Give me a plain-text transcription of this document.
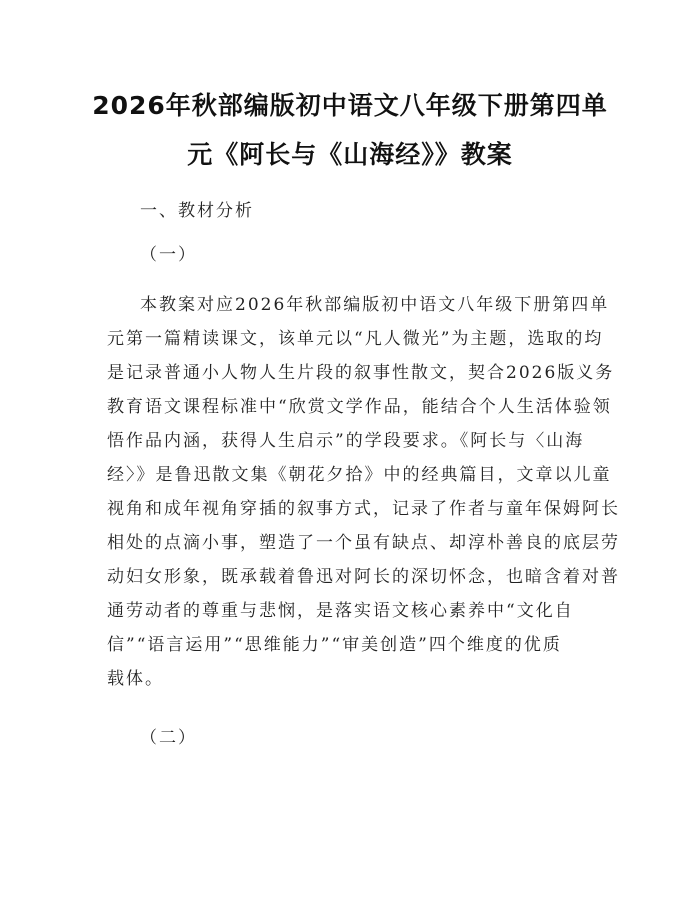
2026年秋部编版初中语文八年级下册第四单
元《阿长与《山海经》》教案
一、教材分析
（一）
本教案对应2026年秋部编版初中语文八年级下册第四单
元第一篇精读课文，该单元以“凡人微光”为主题，选取的均
是记录普通小人物人生片段的叙事性散文，契合2026版义务
教育语文课程标准中“欣赏文学作品，能结合个人生活体验领
悟作品内涵，获得人生启示”的学段要求。《阿长与〈山海
经〉》是鲁迅散文集《朝花夕拾》中的经典篇目，文章以儿童
视角和成年视角穿插的叙事方式，记录了作者与童年保姆阿长
相处的点滴小事，塑造了一个虽有缺点、却淳朴善良的底层劳
动妇女形象，既承载着鲁迅对阿长的深切怀念，也暗含着对普
通劳动者的尊重与悲悯，是落实语文核心素养中“文化自
信”“语言运用”“思维能力”“审美创造”四个维度的优质
载体。
（二）
